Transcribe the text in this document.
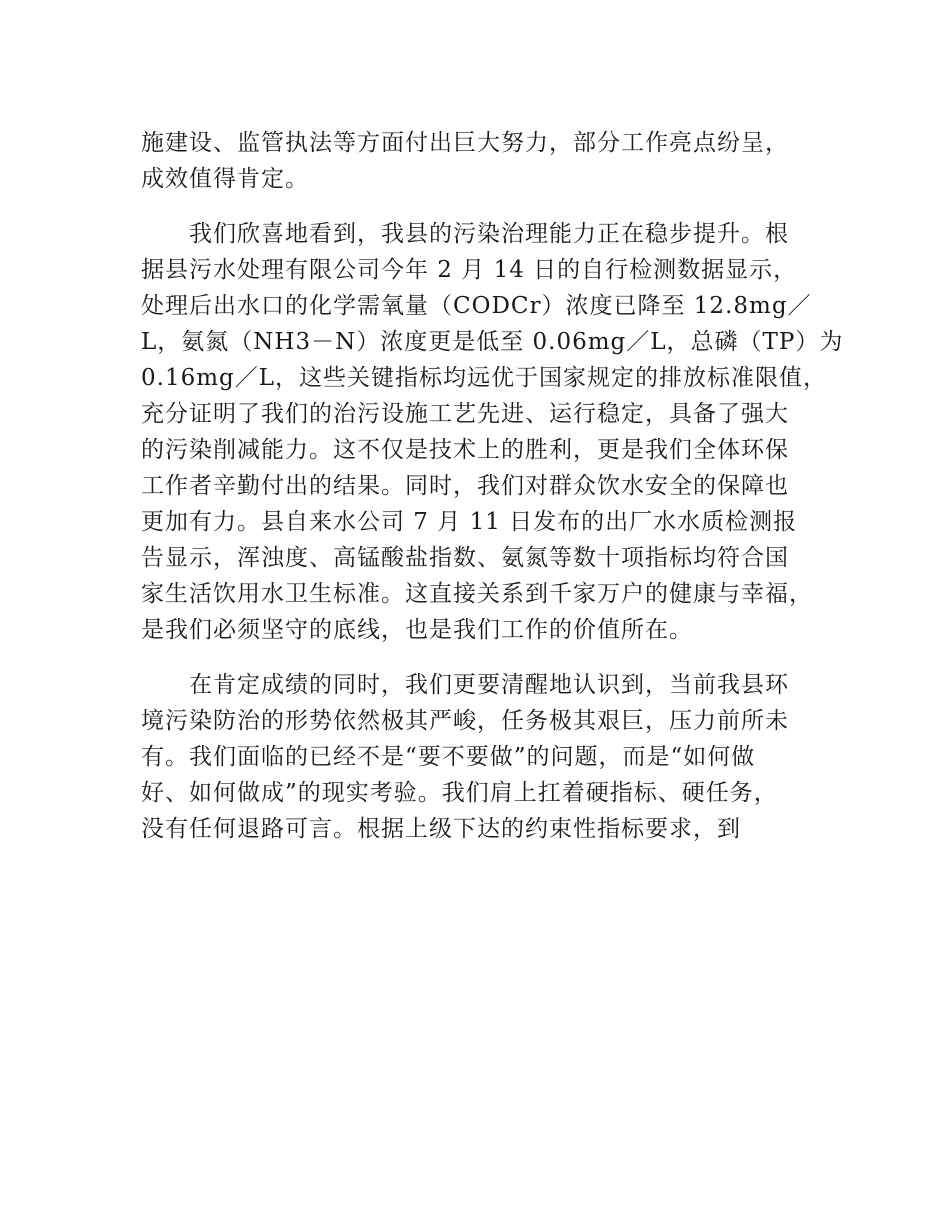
施建设、监管执法等方面付出巨大努力，部分工作亮点纷呈，
成效值得肯定。
　　我们欣喜地看到，我县的污染治理能力正在稳步提升。根
据县污水处理有限公司今年 2 月 14 日的自行检测数据显示，
处理后出水口的化学需氧量（CODCr）浓度已降至 12.8mg／
L，氨氮（NH3－N）浓度更是低至 0.06mg／L，总磷（TP）为
0.16mg／L，这些关键指标均远优于国家规定的排放标准限值，
充分证明了我们的治污设施工艺先进、运行稳定，具备了强大
的污染削减能力。这不仅是技术上的胜利，更是我们全体环保
工作者辛勤付出的结果。同时，我们对群众饮水安全的保障也
更加有力。县自来水公司 7 月 11 日发布的出厂水水质检测报
告显示，浑浊度、高锰酸盐指数、氨氮等数十项指标均符合国
家生活饮用水卫生标准。这直接关系到千家万户的健康与幸福，
是我们必须坚守的底线，也是我们工作的价值所在。
　　在肯定成绩的同时，我们更要清醒地认识到，当前我县环
境污染防治的形势依然极其严峻，任务极其艰巨，压力前所未
有。我们面临的已经不是“要不要做”的问题，而是“如何做
好、如何做成”的现实考验。我们肩上扛着硬指标、硬任务，
没有任何退路可言。根据上级下达的约束性指标要求，到
